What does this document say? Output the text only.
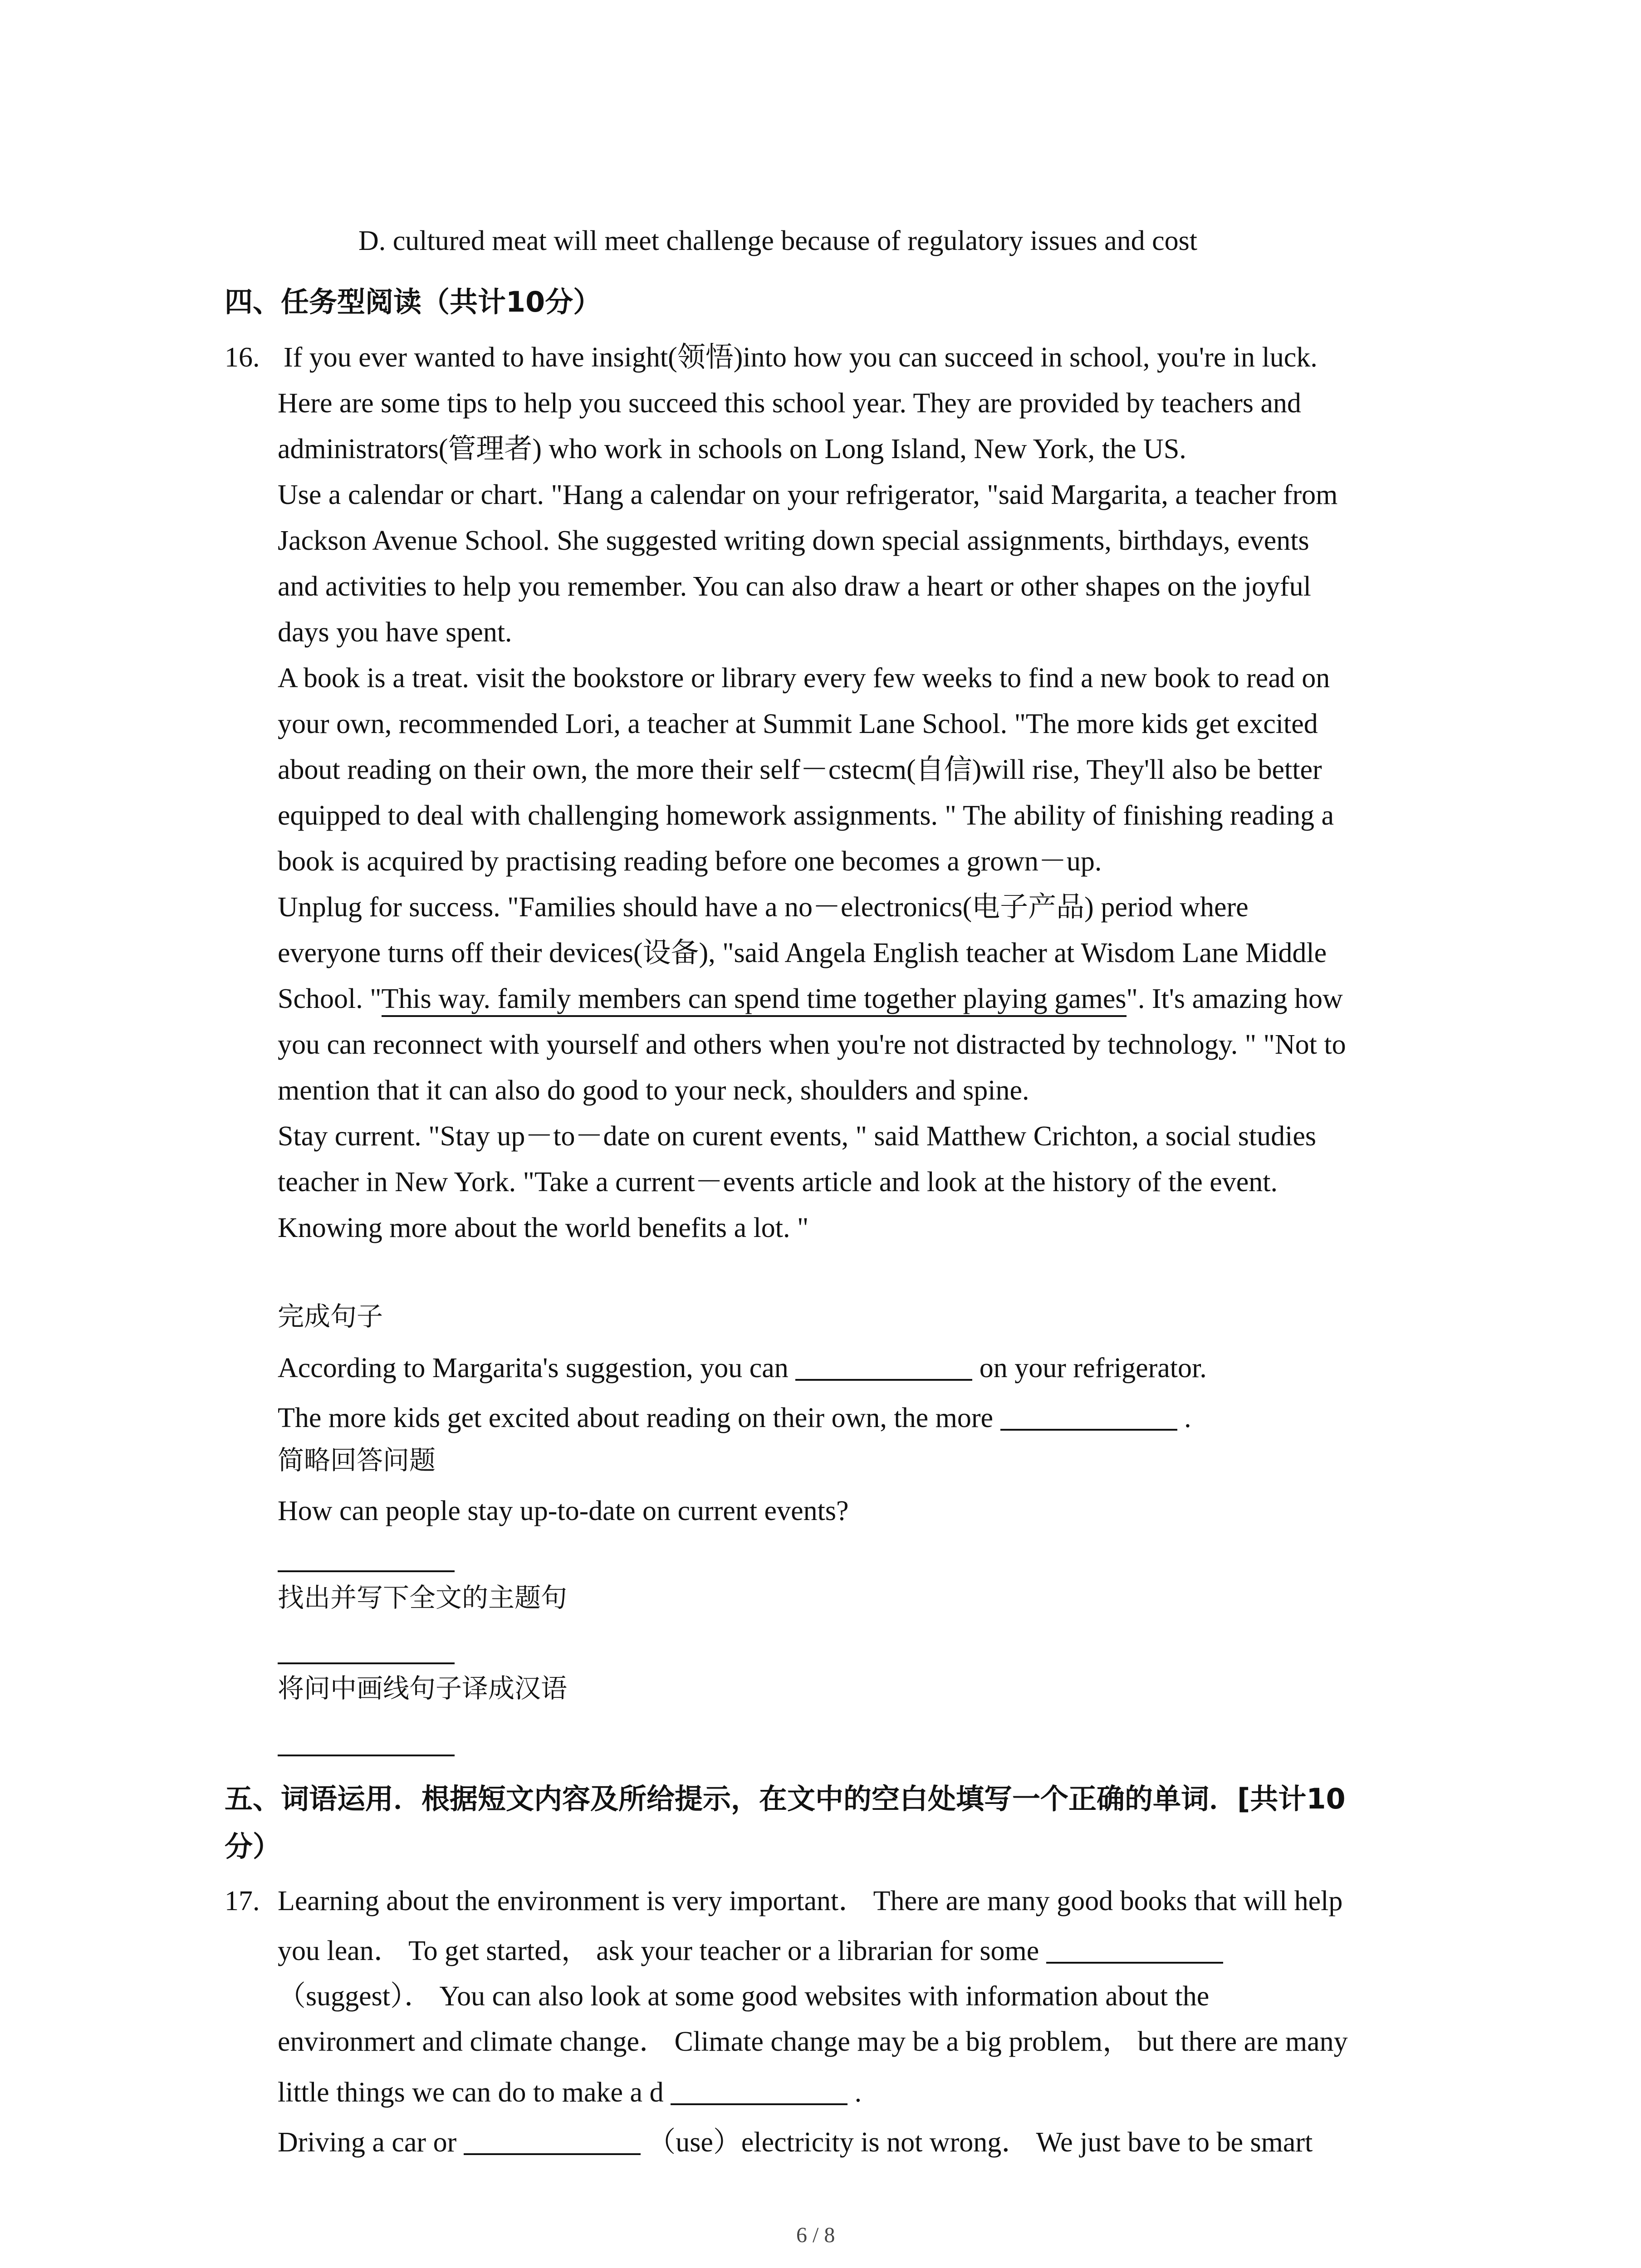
D. cultured meat will meet challenge because of regulatory issues and cost
四、任务型阅读（共计10分）
16. If you ever wanted to have insight(领悟)into how you can succeed in school, you're in luck.
Here are some tips to help you succeed this school year. They are provided by teachers and
administrators(管理者) who work in schools on Long Island, New York, the US.
Use a calendar or chart. "Hang a calendar on your refrigerator, "said Margarita, a teacher from
Jackson Avenue School. She suggested writing down special assignments, birthdays, events
and activities to help you remember. You can also draw a heart or other shapes on the joyful
days you have spent.
A book is a treat. visit the bookstore or library every few weeks to find a new book to read on
your own, recommended Lori, a teacher at Summit Lane School. "The more kids get excited
about reading on their own, the more their self－cstecm(自信)will rise, They'll also be better
equipped to deal with challenging homework assignments. " The ability of finishing reading a
book is acquired by practising reading before one becomes a grown－up.
Unplug for success. "Families should have a no－electronics(电子产品) period where
everyone turns off their devices(设备), "said Angela English teacher at Wisdom Lane Middle
School. "This way. family members can spend time together playing games". It's amazing how
you can reconnect with yourself and others when you're not distracted by technology. " "Not to
mention that it can also do good to your neck, shoulders and spine.
Stay current. "Stay up－to－date on curent events, " said Matthew Crichton, a social studies
teacher in New York. "Take a current－events article and look at the history of the event.
Knowing more about the world benefits a lot. "
完成句子
According to Margarita's suggestion, you can	on your refrigerator.
The more kids get excited about reading on their own, the more	.
简略回答问题
How can people stay up-to-date on current events?
找出并写下全文的主题句
将问中画线句子译成汉语
五、词语运用．根据短文内容及所给提示，在文中的空白处填写一个正确的单词．[共计10
分）
17. Learning about the environment is very important． There are many good books that will help
you lean． To get started， ask your teacher or a librarian for some
（suggest）． You can also look at some good websites with information about the
environmert and climate change． Climate change may be a big problem， but there are many
little things we can do to make a d	.
Driving a car or	（use）electricity is not wrong． We just bave to be smart
6 / 8
